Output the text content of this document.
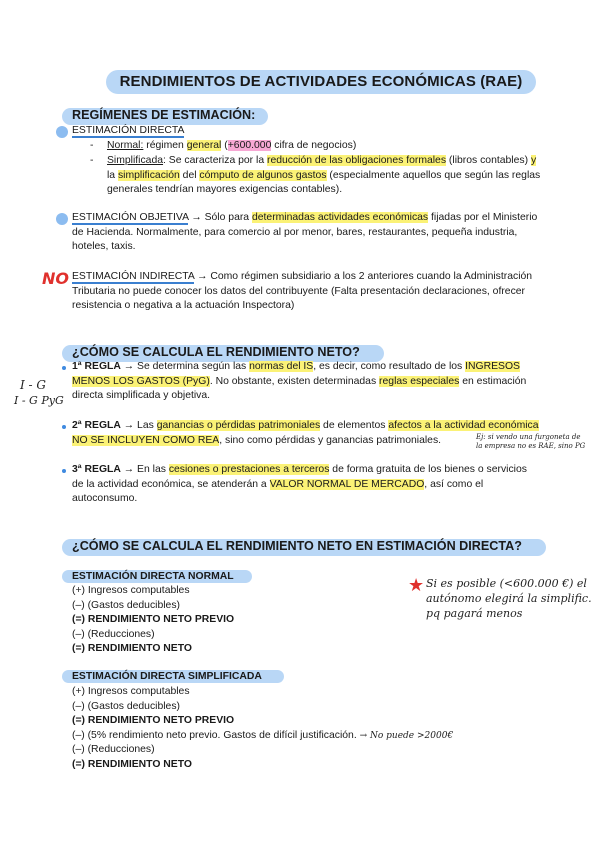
RENDIMIENTOS DE ACTIVIDADES ECONÓMICAS (RAE)
REGÍMENES DE ESTIMACIÓN:
ESTIMACIÓN DIRECTA
- Normal: régimen general (+600.000 cifra de negocios)
- Simplificada: Se caracteriza por la reducción de las obligaciones formales (libros contables) y

la simplificación del cómputo de algunos gastos (especialmente aquellos que según las reglas

generales tendrían mayores exigencias contables).

ESTIMACIÓN OBJETIVA → Sólo para determinadas actividades económicas fijadas por el Ministerio

de Hacienda. Normalmente, para comercio al por menor, bares, restaurantes, pequeña industria,

hoteles, taxis.

NO ESTIMACIÓN INDIRECTA → Como régimen subsidiario a los 2 anteriores cuando la Administración

Tributaria no puede conocer los datos del contribuyente (Falta presentación declaraciones, ofrecer

resistencia o negativa a la actuación Inspectora)

¿CÓMO SE CALCULA EL RENDIMIENTO NETO?
I - G
I - G PyG

1ª REGLA → Se determina según las normas del IS, es decir, como resultado de los INGRESOS

MENOS LOS GASTOS (PyG). No obstante, existen determinadas reglas especiales en estimación

directa simplificada y objetiva.

2ª REGLA → Las ganancias o pérdidas patrimoniales de elementos afectos a la actividad económica

NO SE INCLUYEN COMO REA, sino como pérdidas y ganancias patrimoniales.	Ej: si vendo una furgoneta de

la empresa no es RAE, sino PG

3ª REGLA → En las cesiones o prestaciones a terceros de forma gratuita de los bienes o servicios

de la actividad económica, se atenderán a VALOR NORMAL DE MERCADO, así como el

autoconsumo.

¿CÓMO SE CALCULA EL RENDIMIENTO NETO EN ESTIMACIÓN DIRECTA?
ESTIMACIÓN DIRECTA NORMAL

(+) Ingresos computables

(–) (Gastos deducibles)

(=) RENDIMIENTO NETO PREVIO

(–) (Reducciones)

(=) RENDIMIENTO NETO

★ Si es posible (<600.000 €) el

autónomo elegirá la simplific.

pq pagará menos

ESTIMACIÓN DIRECTA SIMPLIFICADA

(+) Ingresos computables

(–) (Gastos deducibles)

(=) RENDIMIENTO NETO PREVIO

(–) (5% rendimiento neto previo. Gastos de difícil justificación. → No puede >2000€

(–) (Reducciones)

(=) RENDIMIENTO NETO
